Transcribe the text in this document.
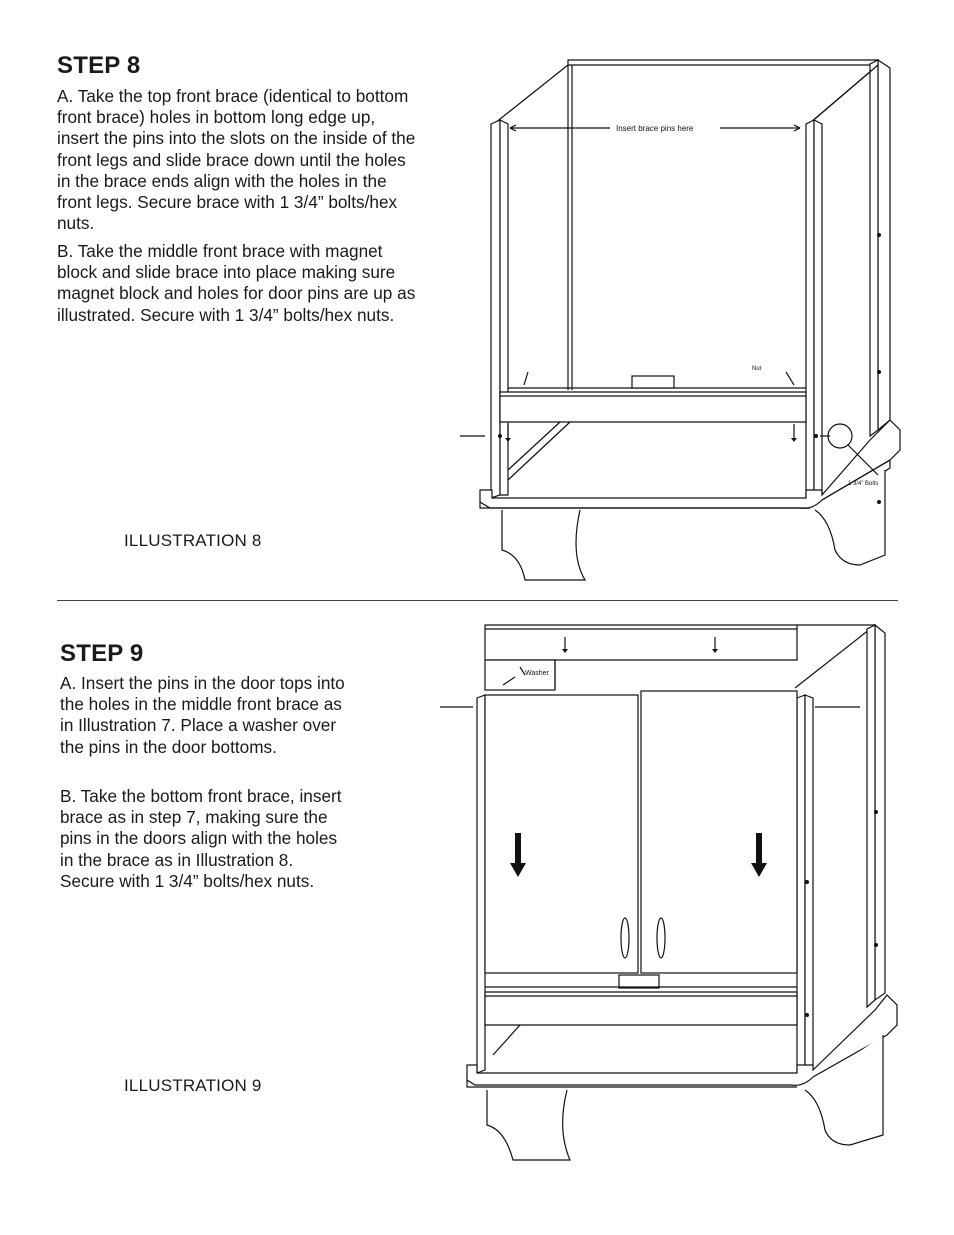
STEP 8

A. Take the top front brace (identical to bottom front brace) holes in bottom long edge up, insert the pins into the slots on the inside of the front legs and slide brace down until the holes in the brace ends align with the holes in the front legs. Secure brace with 1 3/4” bolts/hex nuts.

B. Take the middle front brace with magnet block and slide brace into place making sure magnet block and holes for door pins are up as illustrated. Secure with 1 3/4” bolts/hex nuts.

ILLUSTRATION 8
Insert brace pins here
Nut
1 3/4” Bolts
STEP 9

A. Insert the pins in the door tops into the holes in the middle front brace as in Illustration 7. Place a washer over the pins in the door bottoms.

B. Take the bottom front brace, insert brace as in step 7, making sure the pins in the doors align with the holes in the brace as in Illustration 8. Secure with 1 3/4” bolts/hex nuts.

ILLUSTRATION 9
Washer
